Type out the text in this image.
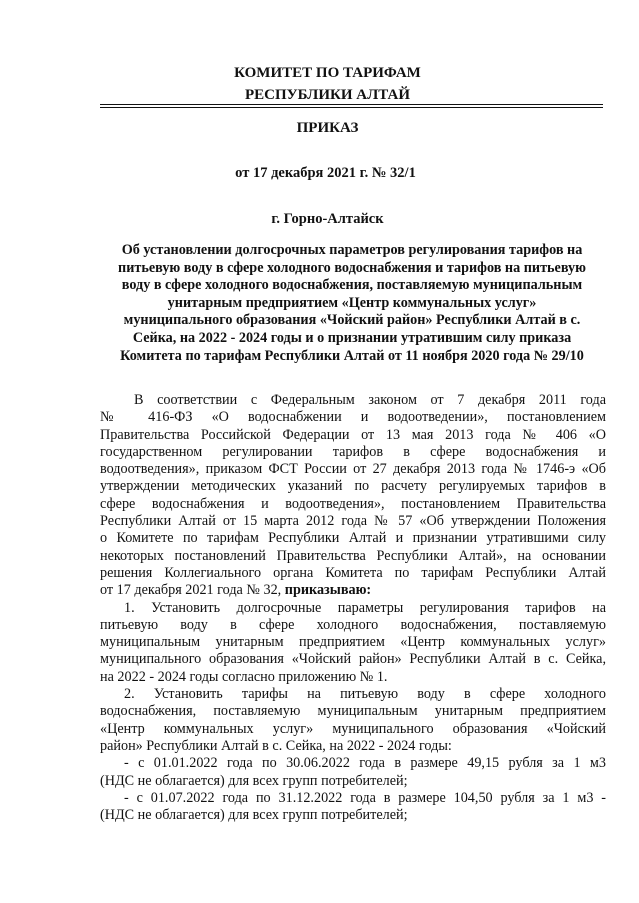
КОМИТЕТ ПО ТАРИФАМ
РЕСПУБЛИКИ АЛТАЙ
ПРИКАЗ
от 17 декабря 2021 г. № 32/1
г. Горно-Алтайск
Об установлении долгосрочных параметров регулирования тарифов на
питьевую воду в сфере холодного водоснабжения и тарифов на питьевую
воду в сфере холодного водоснабжения, поставляемую муниципальным
унитарным предприятием «Центр коммунальных услуг»
муниципального образования «Чойский район» Республики Алтай в с.
Сейка, на 2022 - 2024 годы и о признании утратившим силу приказа
Комитета по тарифам Республики Алтай от 11 ноября 2020 года № 29/10
В соответствии с Федеральным законом от 7 декабря 2011 года
№ 416-ФЗ «О водоснабжении и водоотведении», постановлением
Правительства Российской Федерации от 13 мая 2013 года № 406 «О
государственном регулировании тарифов в сфере водоснабжения и
водоотведения», приказом ФСТ России от 27 декабря 2013 года № 1746-э «Об
утверждении методических указаний по расчету регулируемых тарифов в
сфере водоснабжения и водоотведения», постановлением Правительства
Республики Алтай от 15 марта 2012 года № 57 «Об утверждении Положения
о Комитете по тарифам Республики Алтай и признании утратившими силу
некоторых постановлений Правительства Республики Алтай», на основании
решения Коллегиального органа Комитета по тарифам Республики Алтай
от 17 декабря 2021 года № 32, приказываю:
1. Установить долгосрочные параметры регулирования тарифов на
питьевую воду в сфере холодного водоснабжения, поставляемую
муниципальным унитарным предприятием «Центр коммунальных услуг»
муниципального образования «Чойский район» Республики Алтай в с. Сейка,
на 2022 - 2024 годы согласно приложению № 1.
2. Установить тарифы на питьевую воду в сфере холодного
водоснабжения, поставляемую муниципальным унитарным предприятием
«Центр коммунальных услуг» муниципального образования «Чойский
район» Республики Алтай в с. Сейка, на 2022 - 2024 годы:
- с 01.01.2022 года по 30.06.2022 года в размере 49,15 рубля за 1 м3
(НДС не облагается) для всех групп потребителей;
- с 01.07.2022 года по 31.12.2022 года в размере 104,50 рубля за 1 м3 -
(НДС не облагается) для всех групп потребителей;
